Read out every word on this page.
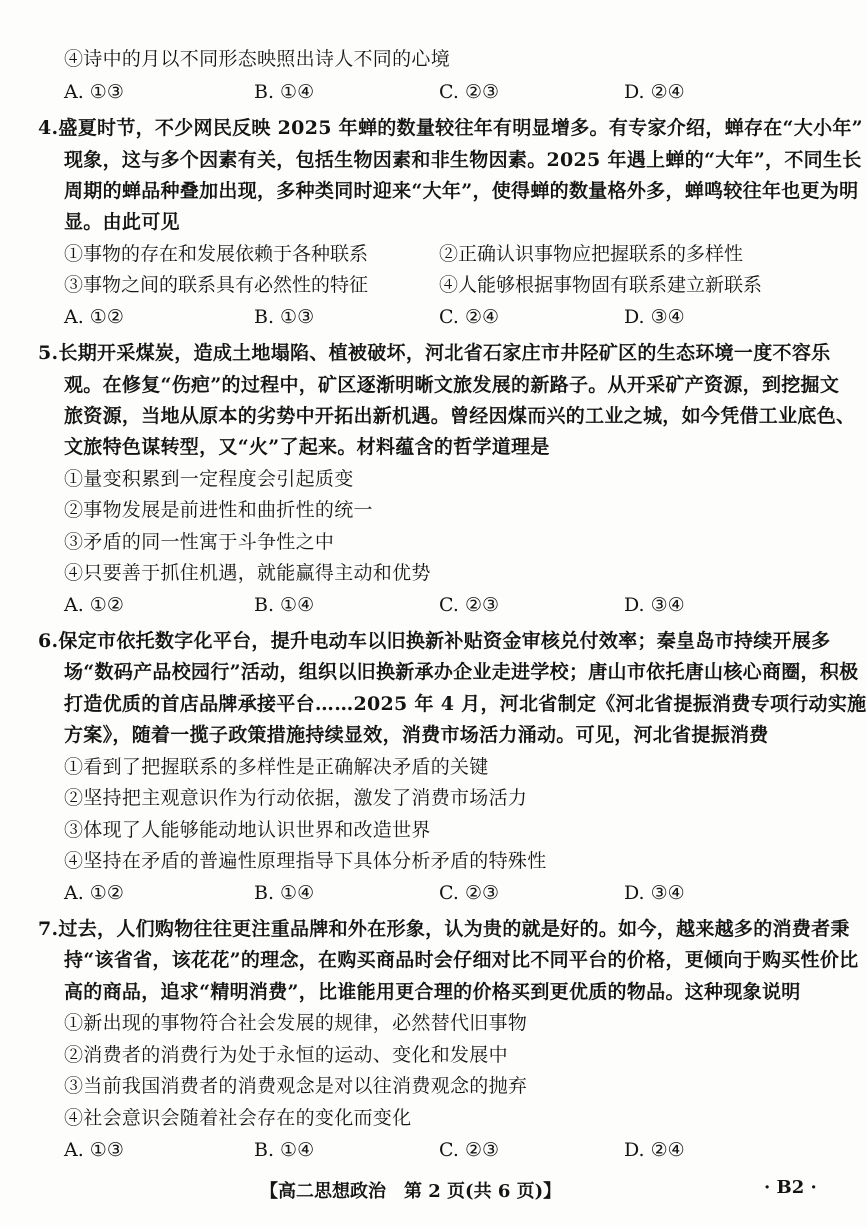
④诗中的月以不同形态映照出诗人不同的心境
A. ①③	B. ①④	C. ②③	D. ②④
4.盛夏时节，不少网民反映 2025 年蝉的数量较往年有明显增多。有专家介绍，蝉存在“大小年”
现象，这与多个因素有关，包括生物因素和非生物因素。2025 年遇上蝉的“大年”，不同生长
周期的蝉品种叠加出现，多种类同时迎来“大年”，使得蝉的数量格外多，蝉鸣较往年也更为明
显。由此可见
①事物的存在和发展依赖于各种联系	②正确认识事物应把握联系的多样性
③事物之间的联系具有必然性的特征	④人能够根据事物固有联系建立新联系
A. ①②	B. ①③	C. ②④	D. ③④
5.长期开采煤炭，造成土地塌陷、植被破坏，河北省石家庄市井陉矿区的生态环境一度不容乐
观。在修复“伤疤”的过程中，矿区逐渐明晰文旅发展的新路子。从开采矿产资源，到挖掘文
旅资源，当地从原本的劣势中开拓出新机遇。曾经因煤而兴的工业之城，如今凭借工业底色、
文旅特色谋转型，又“火”了起来。材料蕴含的哲学道理是
①量变积累到一定程度会引起质变
②事物发展是前进性和曲折性的统一
③矛盾的同一性寓于斗争性之中
④只要善于抓住机遇，就能赢得主动和优势
A. ①②	B. ①④	C. ②③	D. ③④
6.保定市依托数字化平台，提升电动车以旧换新补贴资金审核兑付效率；秦皇岛市持续开展多
场“数码产品校园行”活动，组织以旧换新承办企业走进学校；唐山市依托唐山核心商圈，积极
打造优质的首店品牌承接平台……2025 年 4 月，河北省制定《河北省提振消费专项行动实施
方案》，随着一揽子政策措施持续显效，消费市场活力涌动。可见，河北省提振消费
①看到了把握联系的多样性是正确解决矛盾的关键
②坚持把主观意识作为行动依据，激发了消费市场活力
③体现了人能够能动地认识世界和改造世界
④坚持在矛盾的普遍性原理指导下具体分析矛盾的特殊性
A. ①②	B. ①④	C. ②③	D. ③④
7.过去，人们购物往往更注重品牌和外在形象，认为贵的就是好的。如今，越来越多的消费者秉
持“该省省，该花花”的理念，在购买商品时会仔细对比不同平台的价格，更倾向于购买性价比
高的商品，追求“精明消费”，比谁能用更合理的价格买到更优质的物品。这种现象说明
①新出现的事物符合社会发展的规律，必然替代旧事物
②消费者的消费行为处于永恒的运动、变化和发展中
③当前我国消费者的消费观念是对以往消费观念的抛弃
④社会意识会随着社会存在的变化而变化
A. ①③	B. ①④	C. ②③	D. ②④
【高二思想政治　第 2 页(共 6 页)】	· B2 ·
